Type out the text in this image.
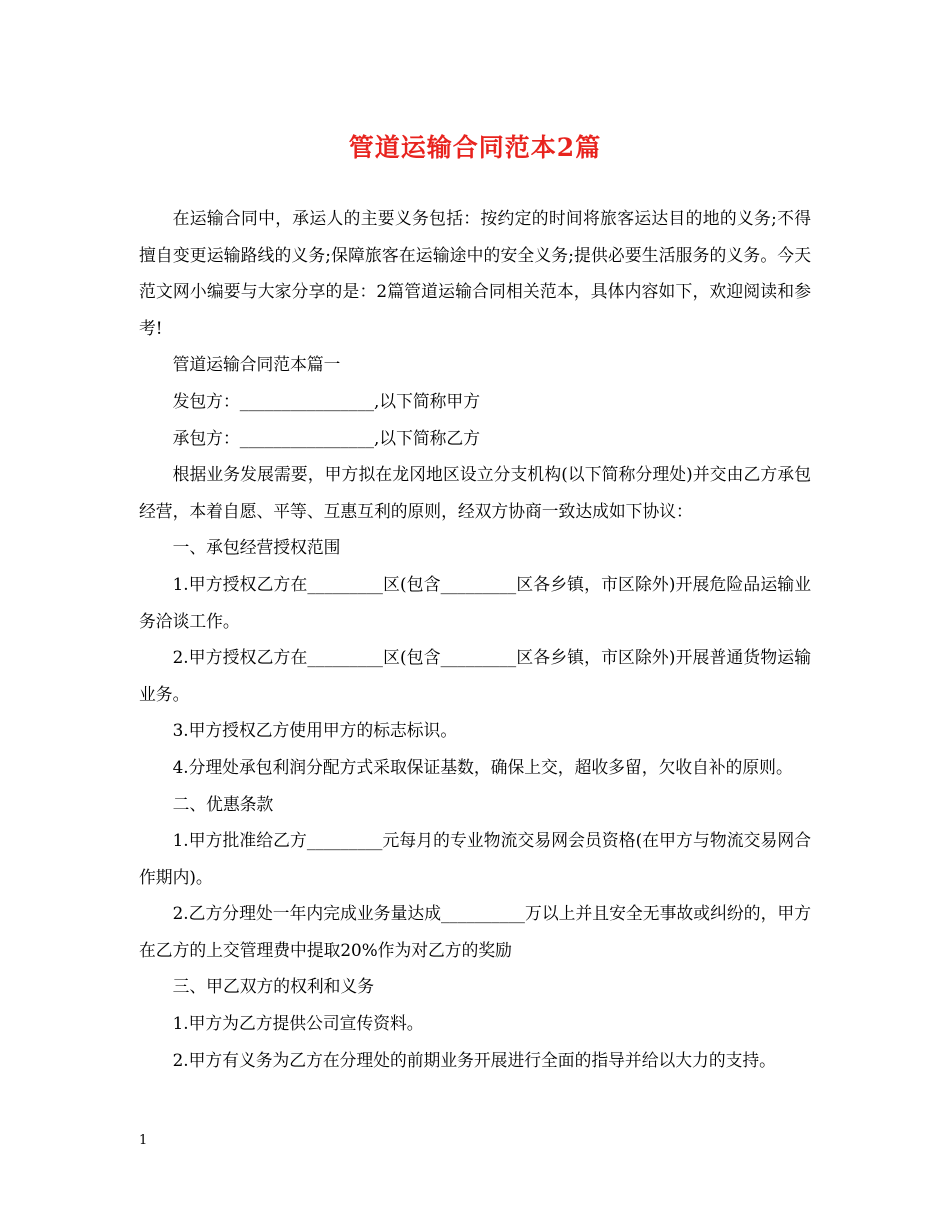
管道运输合同范本2篇

在运输合同中，承运人的主要义务包括：按约定的时间将旅客运达目的地的义务;不得擅自变更运输路线的义务;保障旅客在运输途中的安全义务;提供必要生活服务的义务。今天范文网小编要与大家分享的是：2篇管道运输合同相关范本，具体内容如下，欢迎阅读和参考!

管道运输合同范本篇一

发包方：________________,以下简称甲方

承包方：________________,以下简称乙方

根据业务发展需要，甲方拟在龙冈地区设立分支机构(以下简称分理处)并交由乙方承包经营，本着自愿、平等、互惠互利的原则，经双方协商一致达成如下协议：

一、承包经营授权范围

1.甲方授权乙方在_________区(包含_________区各乡镇，市区除外)开展危险品运输业务洽谈工作。

2.甲方授权乙方在_________区(包含_________区各乡镇，市区除外)开展普通货物运输业务。

3.甲方授权乙方使用甲方的标志标识。

4.分理处承包利润分配方式采取保证基数，确保上交，超收多留，欠收自补的原则。

二、优惠条款

1.甲方批准给乙方_________元每月的专业物流交易网会员资格(在甲方与物流交易网合作期内)。

2.乙方分理处一年内完成业务量达成__________万以上并且安全无事故或纠纷的，甲方在乙方的上交管理费中提取20%作为对乙方的奖励

三、甲乙双方的权利和义务

1.甲方为乙方提供公司宣传资料。

2.甲方有义务为乙方在分理处的前期业务开展进行全面的指导并给以大力的支持。

1
